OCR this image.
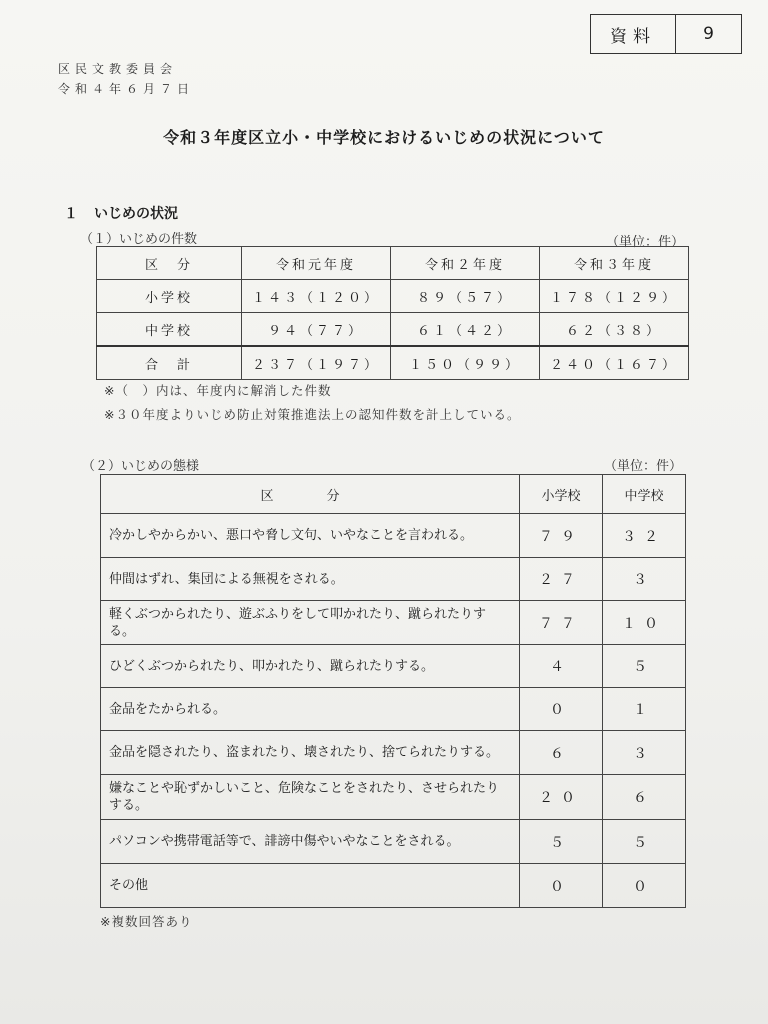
資料	9
区民文教委員会
令和４年６月７日
令和３年度区立小・中学校におけるいじめの状況について
１ いじめの状況
（１）いじめの件数	（単位：件）
区　分	令和元年度	令和２年度	令和３年度
小学校	１４３（１２０）	８９（５７）	１７８（１２９）
中学校	９４（７７）	６１（４２）	６２（３８）
合　計	２３７（１９７）	１５０（９９）	２４０（１６７）
※（　）内は、年度内に解消した件数
※３０年度よりいじめ防止対策推進法上の認知件数を計上している。
（２）いじめの態様	（単位：件）
区　分	小学校	中学校
冷かしやからかい、悪口や脅し文句、いやなことを言われる。	７９	３２
仲間はずれ、集団による無視をされる。	２７	３
軽くぶつかられたり、遊ぶふりをして叩かれたり、蹴られたりする。	７７	１０
ひどくぶつかられたり、叩かれたり、蹴られたりする。	４	５
金品をたかられる。	０	１
金品を隠されたり、盗まれたり、壊されたり、捨てられたりする。	６	３
嫌なことや恥ずかしいこと、危険なことをされたり、させられたりする。	２０	６
パソコンや携帯電話等で、誹謗中傷やいやなことをされる。	５	５
その他	０	０
※複数回答あり
